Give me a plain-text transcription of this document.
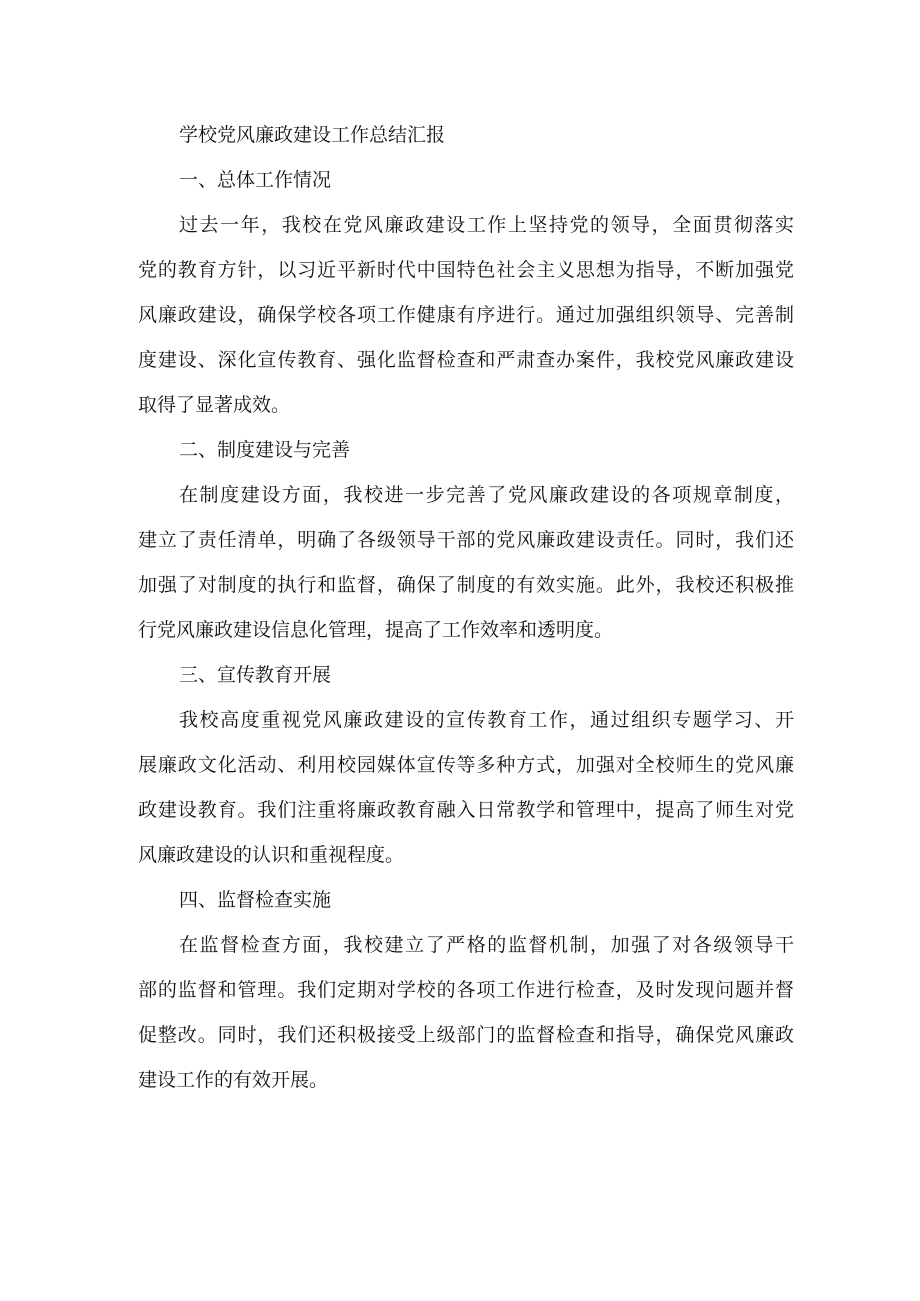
学校党风廉政建设工作总结汇报
一、总体工作情况
过去一年，我校在党风廉政建设工作上坚持党的领导，全面贯彻落实
党的教育方针，以习近平新时代中国特色社会主义思想为指导，不断加强党
风廉政建设，确保学校各项工作健康有序进行。通过加强组织领导、完善制
度建设、深化宣传教育、强化监督检查和严肃查办案件，我校党风廉政建设
取得了显著成效。
二、制度建设与完善
在制度建设方面，我校进一步完善了党风廉政建设的各项规章制度，
建立了责任清单，明确了各级领导干部的党风廉政建设责任。同时，我们还
加强了对制度的执行和监督，确保了制度的有效实施。此外，我校还积极推
行党风廉政建设信息化管理，提高了工作效率和透明度。
三、宣传教育开展
我校高度重视党风廉政建设的宣传教育工作，通过组织专题学习、开
展廉政文化活动、利用校园媒体宣传等多种方式，加强对全校师生的党风廉
政建设教育。我们注重将廉政教育融入日常教学和管理中，提高了师生对党
风廉政建设的认识和重视程度。
四、监督检查实施
在监督检查方面，我校建立了严格的监督机制，加强了对各级领导干
部的监督和管理。我们定期对学校的各项工作进行检查，及时发现问题并督
促整改。同时，我们还积极接受上级部门的监督检查和指导，确保党风廉政
建设工作的有效开展。
